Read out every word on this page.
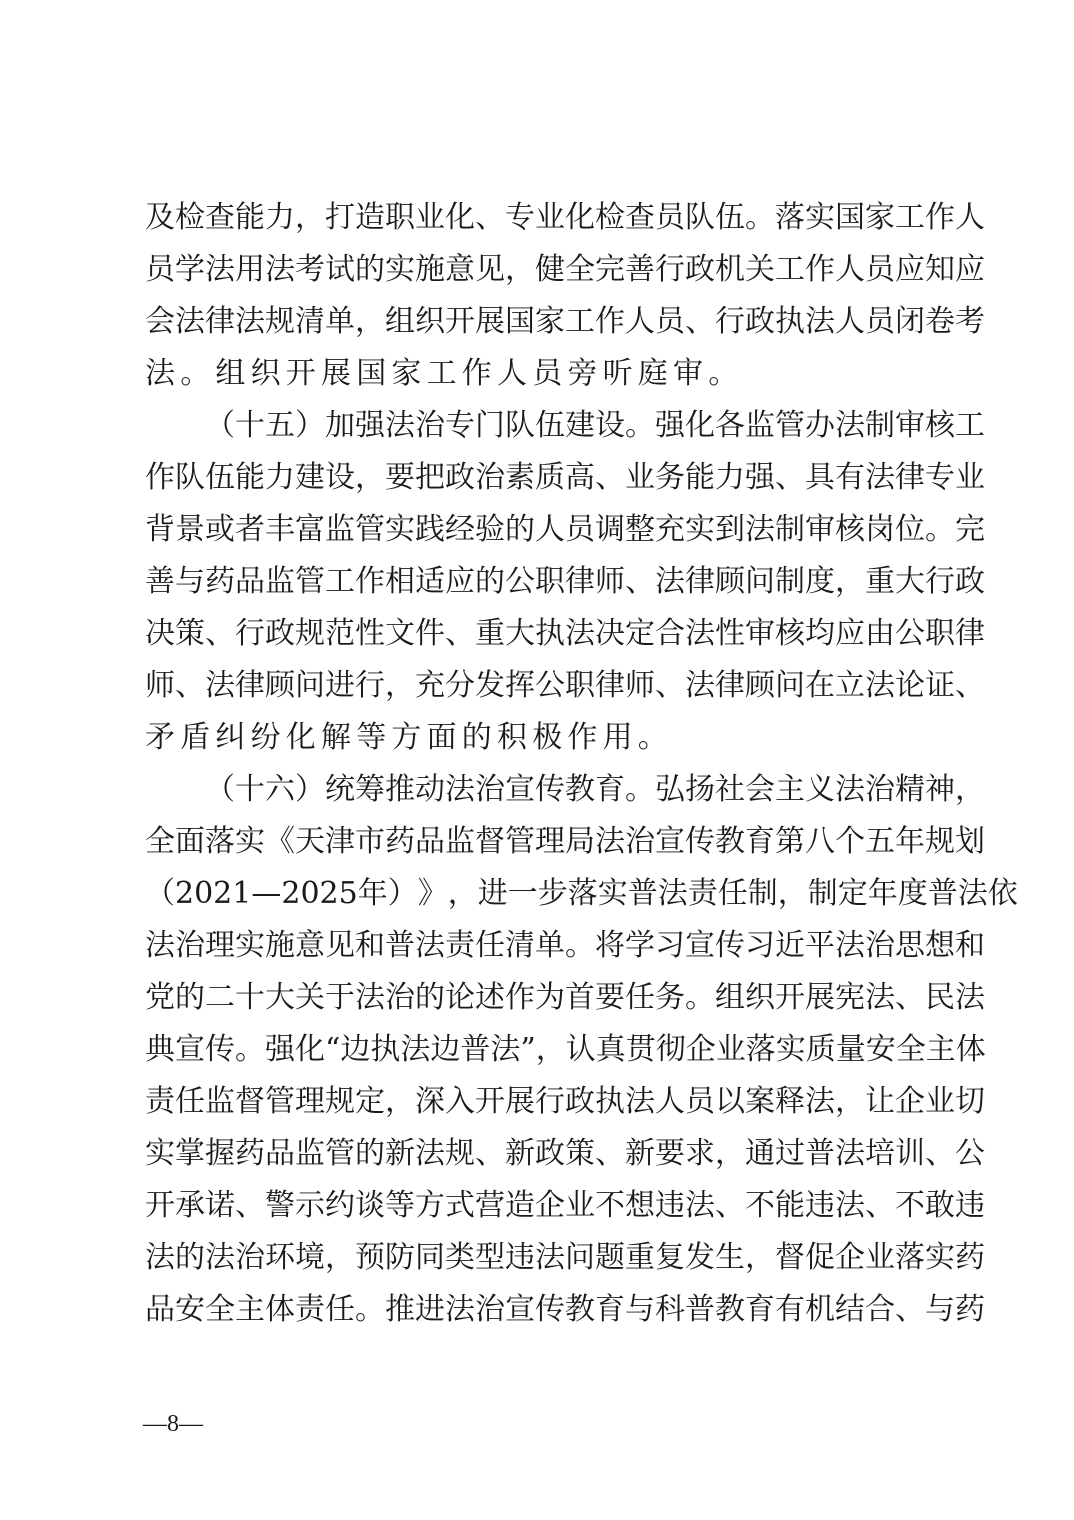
及 检 查 能 力 ， 打 造 职 业 化 、 专 业 化 检 查 员 队 伍 。 落 实 国 家 工 作 人
员 学 法 用 法 考 试 的 实 施 意 见 ， 健 全 完 善 行 政 机 关 工 作 人 员 应 知 应
会 法 律 法 规 清 单 ， 组 织 开 展 国 家 工 作 人 员 、 行 政 执 法 人 员 闭 卷 考
法。组织开展国家工作人员旁听庭审。
（ 十 五 ） 加 强 法 治 专 门 队 伍 建 设 。 强 化 各 监 管 办 法 制 审 核 工
作 队 伍 能 力 建 设 ， 要 把 政 治 素 质 高 、 业 务 能 力 强 、 具 有 法 律 专 业
背 景 或 者 丰 富 监 管 实 践 经 验 的 人 员 调 整 充 实 到 法 制 审 核 岗 位 。 完
善 与 药 品 监 管 工 作 相 适 应 的 公 职 律 师 、 法 律 顾 问 制 度 ， 重 大 行 政
决 策 、 行 政 规 范 性 文 件 、 重 大 执 法 决 定 合 法 性 审 核 均 应 由 公 职 律
师 、 法 律 顾 问 进 行 ， 充 分 发 挥 公 职 律 师 、 法 律 顾 问 在 立 法 论 证 、
矛盾纠纷化解等方面的积极作用。
（ 十 六 ） 统 筹 推 动 法 治 宣 传 教 育 。 弘 扬 社 会 主 义 法 治 精 神 ，
全 面 落 实 《 天 津 市 药 品 监 督 管 理 局 法 治 宣 传 教 育 第 八 个 五 年 规 划
（ 2021 — 2025 年 ） 》 ， 进 一 步 落 实 普 法 责 任 制 ， 制 定 年 度 普 法 依
法 治 理 实 施 意 见 和 普 法 责 任 清 单 。 将 学 习 宣 传 习 近 平 法 治 思 想 和
党 的 二 十 大 关 于 法 治 的 论 述 作 为 首 要 任 务 。 组 织 开 展 宪 法 、 民 法
典 宣 传 。 强 化 “ 边 执 法 边 普 法 ” ， 认 真 贯 彻 企 业 落 实 质 量 安 全 主 体
责 任 监 督 管 理 规 定 ， 深 入 开 展 行 政 执 法 人 员 以 案 释 法 ， 让 企 业 切
实 掌 握 药 品 监 管 的 新 法 规 、 新 政 策 、 新 要 求 ， 通 过 普 法 培 训 、 公
开 承 诺 、 警 示 约 谈 等 方 式 营 造 企 业 不 想 违 法 、 不 能 违 法 、 不 敢 违
法 的 法 治 环 境 ， 预 防 同 类 型 违 法 问 题 重 复 发 生 ， 督 促 企 业 落 实 药
品 安 全 主 体 责 任 。 推 进 法 治 宣 传 教 育 与 科 普 教 育 有 机 结 合 、 与 药
—8—
